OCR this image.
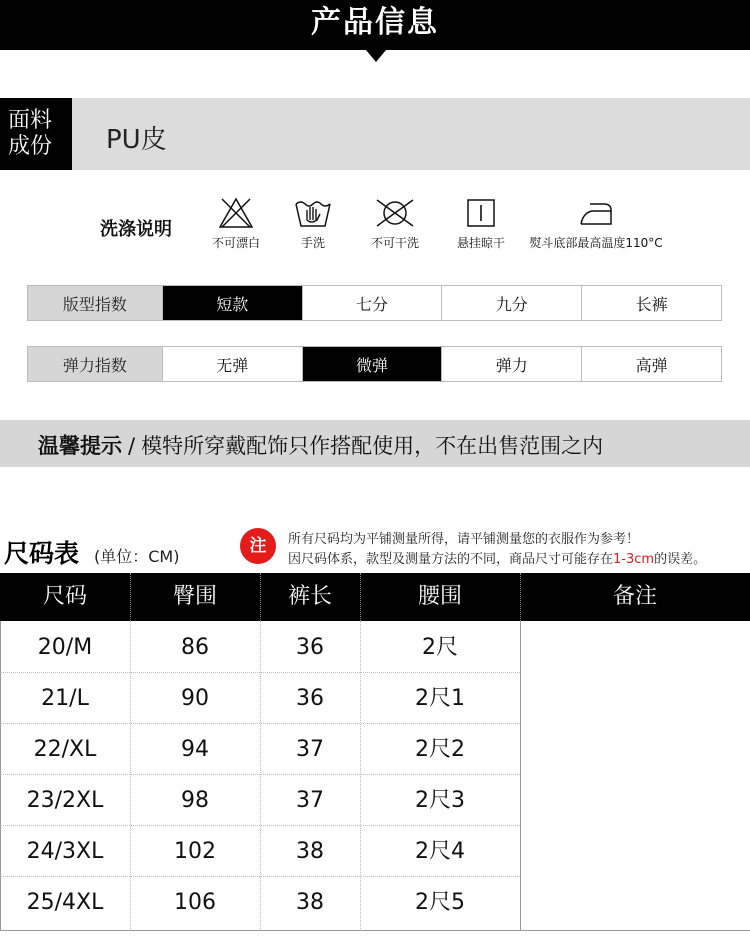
产品信息
面料成份	PU皮
洗涤说明
不可漂白	手洗	不可干洗	悬挂晾干	熨斗底部最高温度110°C
版型指数	短款	七分	九分	长裤
弹力指数	无弹	微弹	弹力	高弹
温馨提示 / 模特所穿戴配饰只作搭配使用，不在出售范围之内
尺码表 (单位：CM)
注	所有尺码均为平铺测量所得，请平铺测量您的衣服作为参考！
因尺码体系，款型及测量方法的不同，商品尺寸可能存在1-3cm的误差。
尺码	臀围	裤长	腰围	备注
20/M	86	36	2尺
21/L	90	36	2尺1
22/XL	94	37	2尺2
23/2XL	98	37	2尺3
24/3XL	102	38	2尺4
25/4XL	106	38	2尺5
